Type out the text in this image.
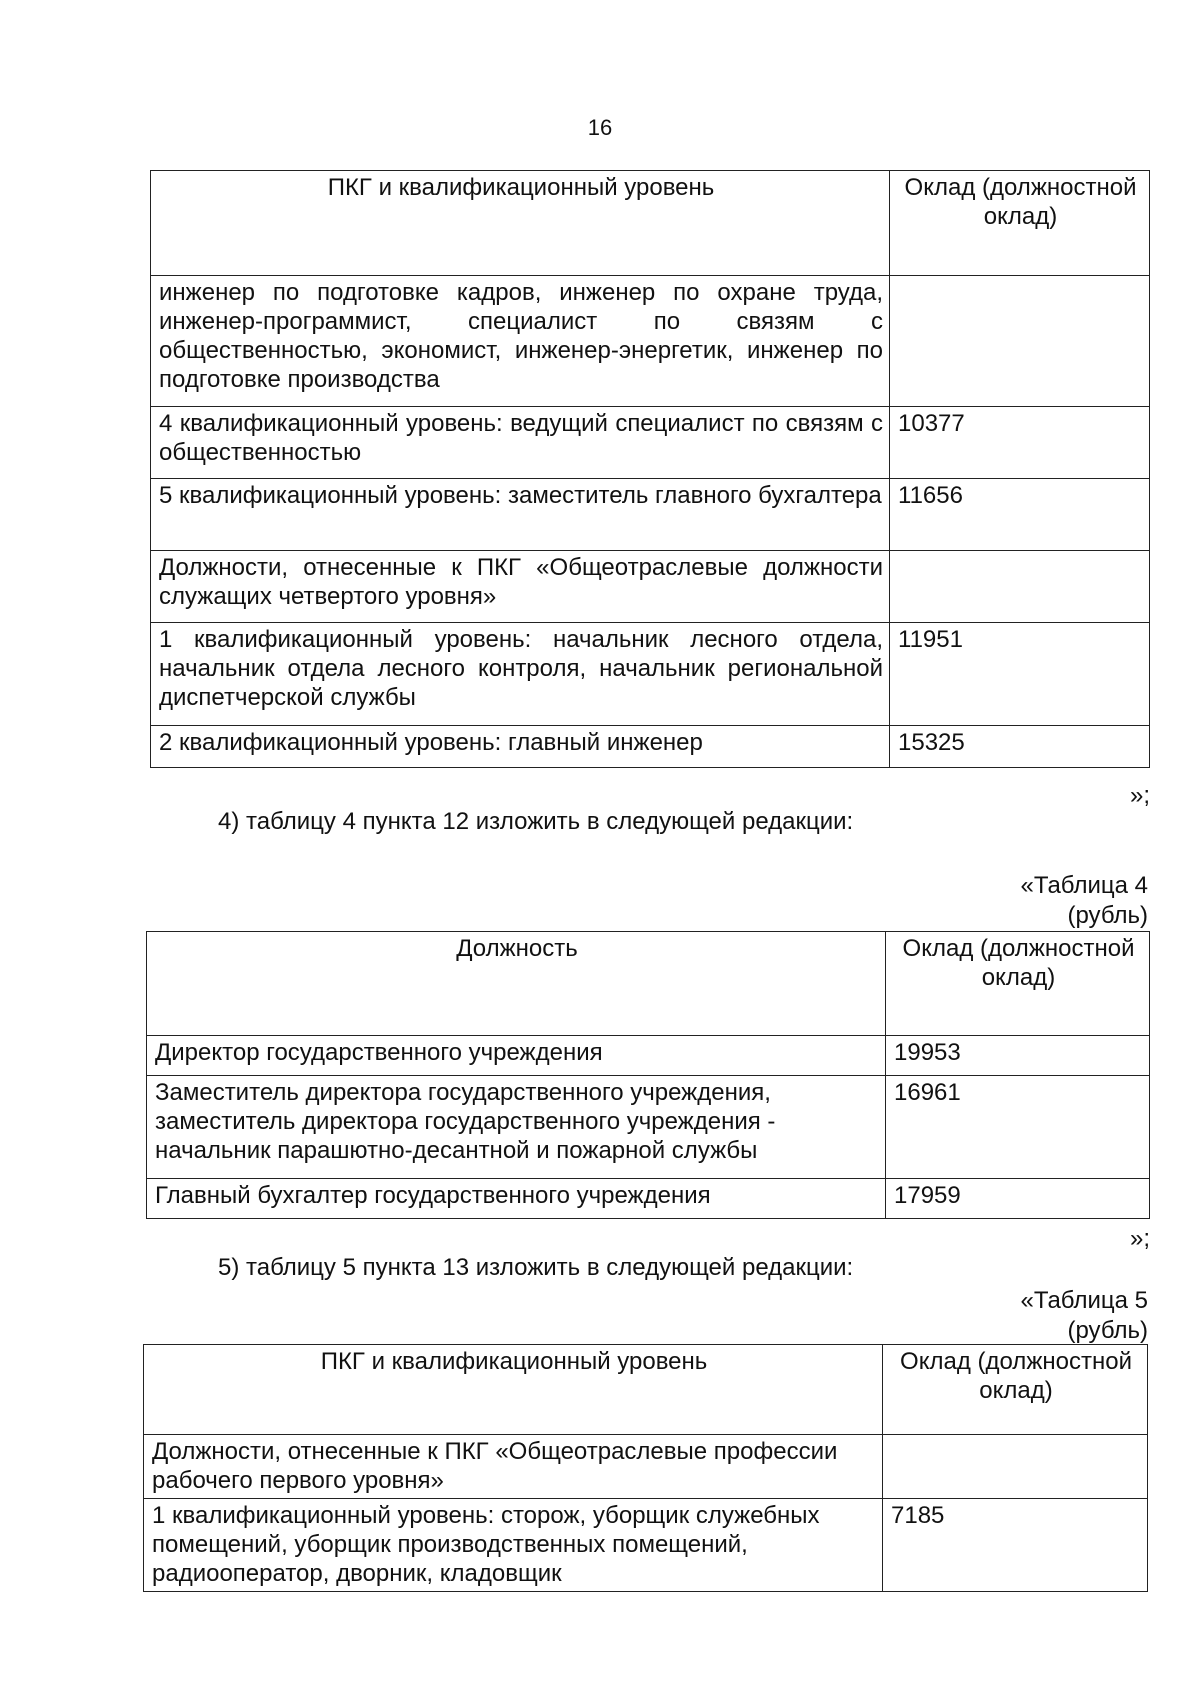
16
ПКГ и квалификационный уровень	Оклад (должностной оклад)
инженер по подготовке кадров, инженер по охране труда, инженер-программист, специалист по связям с общественностью, экономист, инженер-энергетик, инженер по подготовке производства	
4 квалификационный уровень: ведущий специалист по связям с общественностью	10377
5 квалификационный уровень: заместитель главного бухгалтера	11656
Должности, отнесенные к ПКГ «Общеотраслевые должности служащих четвертого уровня»	
1 квалификационный уровень: начальник лесного отдела, начальник отдела лесного контроля, начальник региональной диспетчерской службы	11951
2 квалификационный уровень: главный инженер	15325
»;
4) таблицу 4 пункта 12 изложить в следующей редакции:
«Таблица 4
(рубль)
Должность	Оклад (должностной оклад)
Директор государственного учреждения	19953
Заместитель директора государственного учреждения, заместитель директора государственного учреждения - начальник парашютно-десантной и пожарной службы	16961
Главный бухгалтер государственного учреждения	17959
»;
5) таблицу 5 пункта 13 изложить в следующей редакции:
«Таблица 5
(рубль)
ПКГ и квалификационный уровень	Оклад (должностной оклад)
Должности, отнесенные к ПКГ «Общеотраслевые профессии рабочего первого уровня»	
1 квалификационный уровень: сторож, уборщик служебных помещений, уборщик производственных помещений, радиооператор, дворник, кладовщик	7185
